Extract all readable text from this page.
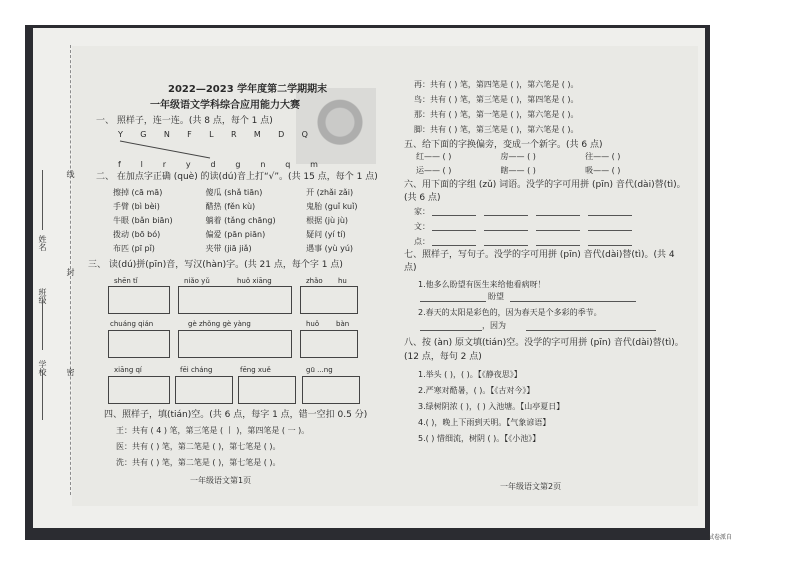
姓名
班级
学校
线
封
密
2022—2023 学年度第二学期期末
一年级语文学科综合应用能力大赛
一、 照样子，连一连。(共 8 点，每个 1 点)
Y G N F L R M D Q
f l r y d g n q m
二、 在加点字正确 (què) 的读(dú)音上打“√”。(共 15 点，每个 1 点)
擦掉 (cā mā)	傻瓜 (shǎ tiān)	开 (zhǎi zǎi)
手臂 (bì bèi)	醋热 (fěn kù)	鬼胎 (guǐ kuǐ)
牛眼 (bǎn biān)	躺着 (tǎng chāng)	根据 (jù jù)
拨动 (bō bó)	偏爱 (pān piān)	疑问 (yí tí)
布匹 (pī pǐ)	夹带 (jiā jiǎ)	遇事 (yù yú)
三、 读(dú)拼(pīn)音，写汉(hàn)字。(共 21 点，每个字 1 点)
shēn tǐ	niǎo yǔ	huǒ xiāng	zhǎo hu
chuáng qián	gè zhǒng gè yàng	huǒ bàn
xiāng qí	fēi cháng	fēng xuě	gū ...ng
四、照样子，填(tián)空。(共 6 点，每字 1 点，错一空扣 0.5 分)
王：共有 ( 4 ) 笔，第三笔是 ( 丨 )，第四笔是 ( 一 )。
医：共有 ( ) 笔，第二笔是 ( )，第七笔是 ( )。
洗：共有 ( ) 笔，第二笔是 ( )，第七笔是 ( )。
一年级语文第1页
再：共有 ( ) 笔，第四笔是 ( )，第六笔是 ( )。
鸟：共有 ( ) 笔，第三笔是 ( )，第四笔是 ( )。
那：共有 ( ) 笔，第一笔是 ( )，第六笔是 ( )。
脚：共有 ( ) 笔，第三笔是 ( )，第六笔是 ( )。
五、给下面的字换偏旁，变成一个新字。(共 6 点)
红—— ( )	房—— ( )	往—— ( )
运—— ( )	瞎—— ( )	吸—— ( )
六、用下面的字组 (zǔ) 词语。没学的字可用拼 (pīn) 音代(dài)替(tì)。
(共 6 点)
家：
文：
点：
七、照样子，写句子。没学的字可用拼 (pīn) 音代(dài)替(tì)。(共 4
点)
1.他多么盼望有医生来给他看病呀！
盼望
2.春天的太阳是彩色的，因为春天是个多彩的季节。
，因为
八、按 (àn) 原文填(tián)空。没学的字可用拼 (pīn) 音代(dài)替(tì)。
(12 点，每句 2 点)
1.举头 ( )，( )。【《静夜思》】
2.严寒对酷暑，( )。【《古对今》】
3.绿树阴浓 ( )，( ) 入池塘。【山亭夏日】
4.( )，晚上下雨到天明。【气象谚语】
5.( ) 惜细流，树阴 ( )。【《小池》】
一年级语文第2页
试卷派自
